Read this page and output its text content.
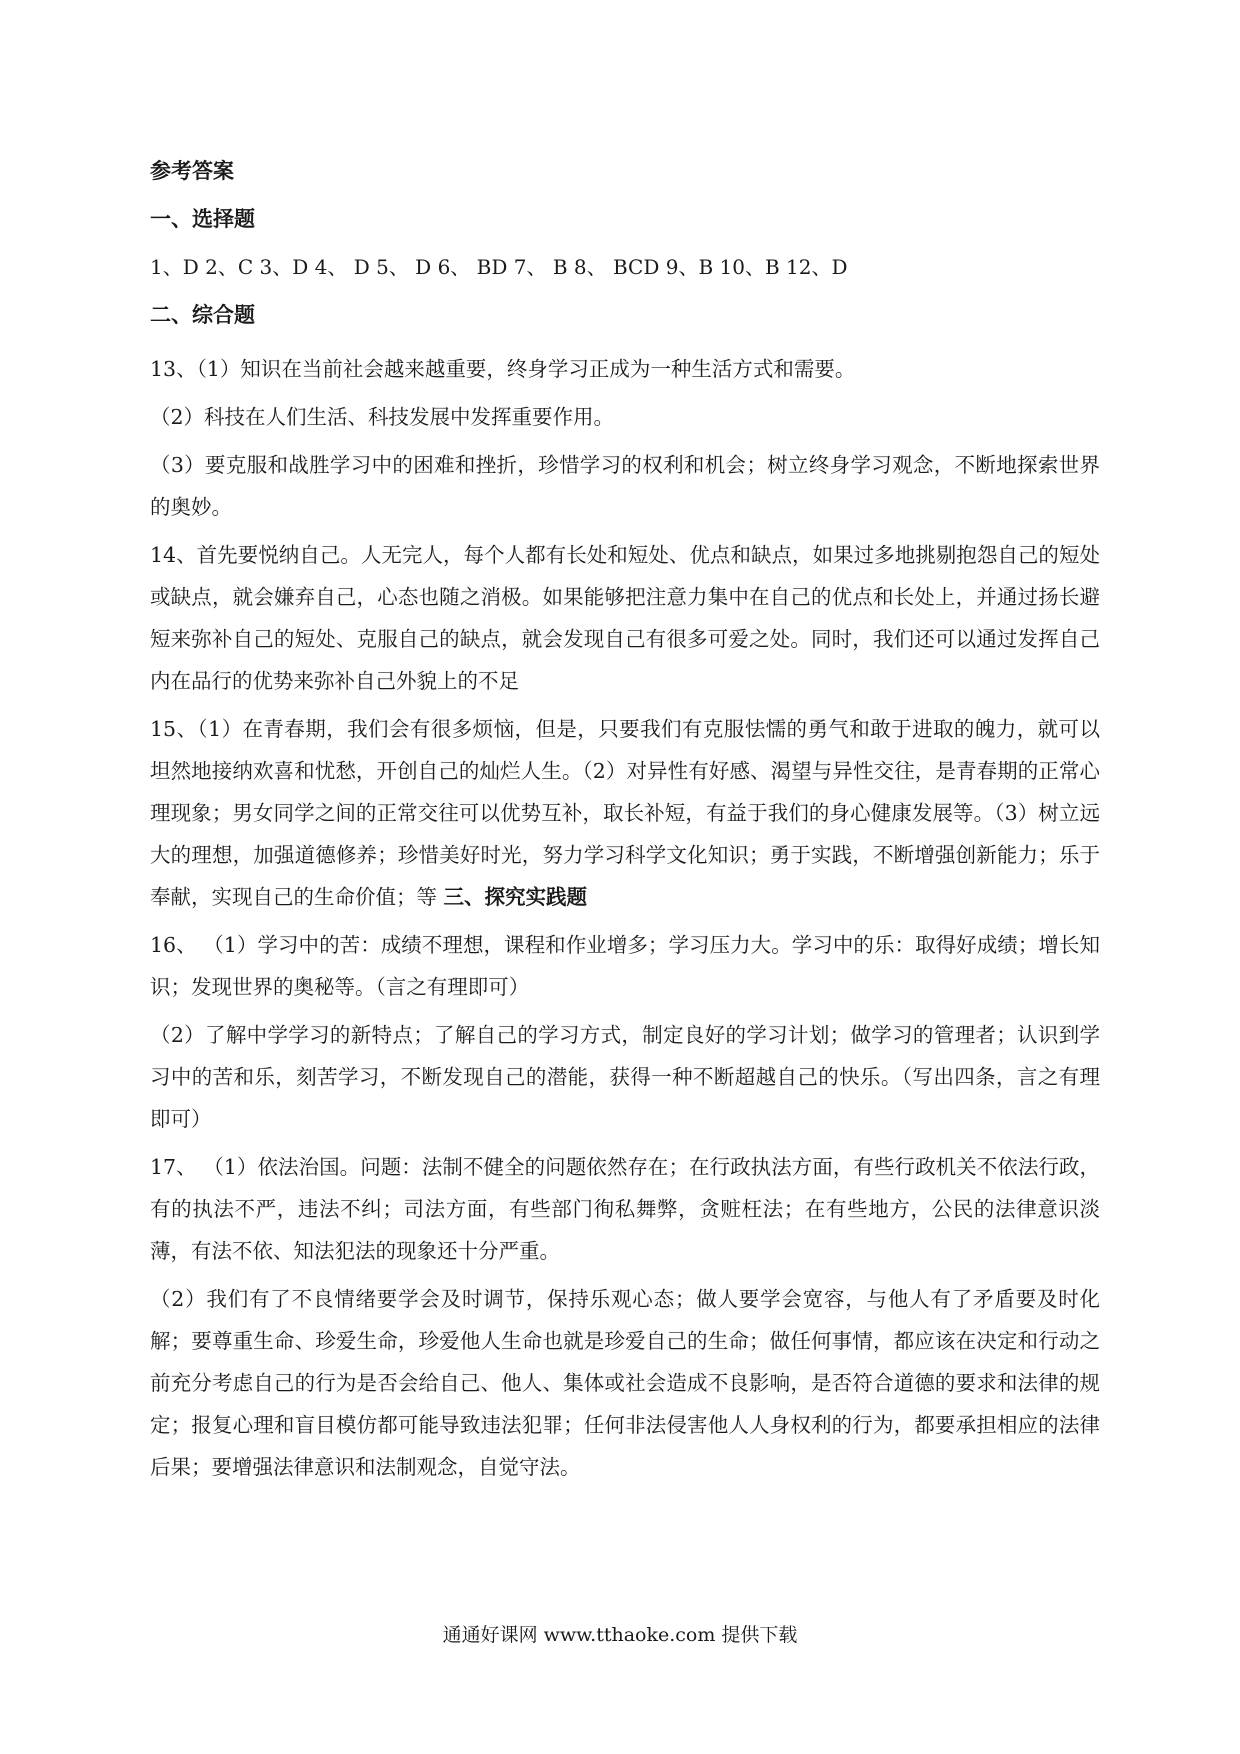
参考答案
一、选择题
1、D 2、C 3、D 4、 D 5、 D 6、 BD 7、 B 8、 BCD 9、B 10、B 12、D
二、综合题

13、（1）知识在当前社会越来越重要，终身学习正成为一种生活方式和需要。

（2）科技在人们生活、科技发展中发挥重要作用。

（3）要克服和战胜学习中的困难和挫折，珍惜学习的权利和机会；树立终身学习观念，不断地探索世界的奥妙。

14、首先要悦纳自己。人无完人，每个人都有长处和短处、优点和缺点，如果过多地挑剔抱怨自己的短处或缺点，就会嫌弃自己，心态也随之消极。如果能够把注意力集中在自己的优点和长处上，并通过扬长避短来弥补自己的短处、克服自己的缺点，就会发现自己有很多可爱之处。同时，我们还可以通过发挥自己内在品行的优势来弥补自己外貌上的不足

15、（1）在青春期，我们会有很多烦恼，但是，只要我们有克服怯懦的勇气和敢于进取的魄力，就可以坦然地接纳欢喜和忧愁，开创自己的灿烂人生。（2）对异性有好感、渴望与异性交往，是青春期的正常心理现象；男女同学之间的正常交往可以优势互补，取长补短，有益于我们的身心健康发展等。（3）树立远大的理想，加强道德修养；珍惜美好时光，努力学习科学文化知识；勇于实践，不断增强创新能力；乐于奉献，实现自己的生命价值；等 三、探究实践题

16、 （1）学习中的苦：成绩不理想，课程和作业增多；学习压力大。学习中的乐：取得好成绩；增长知识；发现世界的奥秘等。（言之有理即可）

（2）了解中学学习的新特点；了解自己的学习方式，制定良好的学习计划；做学习的管理者；认识到学习中的苦和乐，刻苦学习，不断发现自己的潜能，获得一种不断超越自己的快乐。（写出四条，言之有理即可）

17、 （1）依法治国。问题：法制不健全的问题依然存在；在行政执法方面，有些行政机关不依法行政，有的执法不严，违法不纠；司法方面，有些部门徇私舞弊，贪赃枉法；在有些地方，公民的法律意识淡薄，有法不依、知法犯法的现象还十分严重。

（2）我们有了不良情绪要学会及时调节，保持乐观心态；做人要学会宽容，与他人有了矛盾要及时化解；要尊重生命、珍爱生命，珍爱他人生命也就是珍爱自己的生命；做任何事情，都应该在决定和行动之前充分考虑自己的行为是否会给自己、他人、集体或社会造成不良影响，是否符合道德的要求和法律的规定；报复心理和盲目模仿都可能导致违法犯罪；任何非法侵害他人人身权利的行为，都要承担相应的法律后果；要增强法律意识和法制观念，自觉守法。

通通好课网 www.tthaoke.com 提供下载
